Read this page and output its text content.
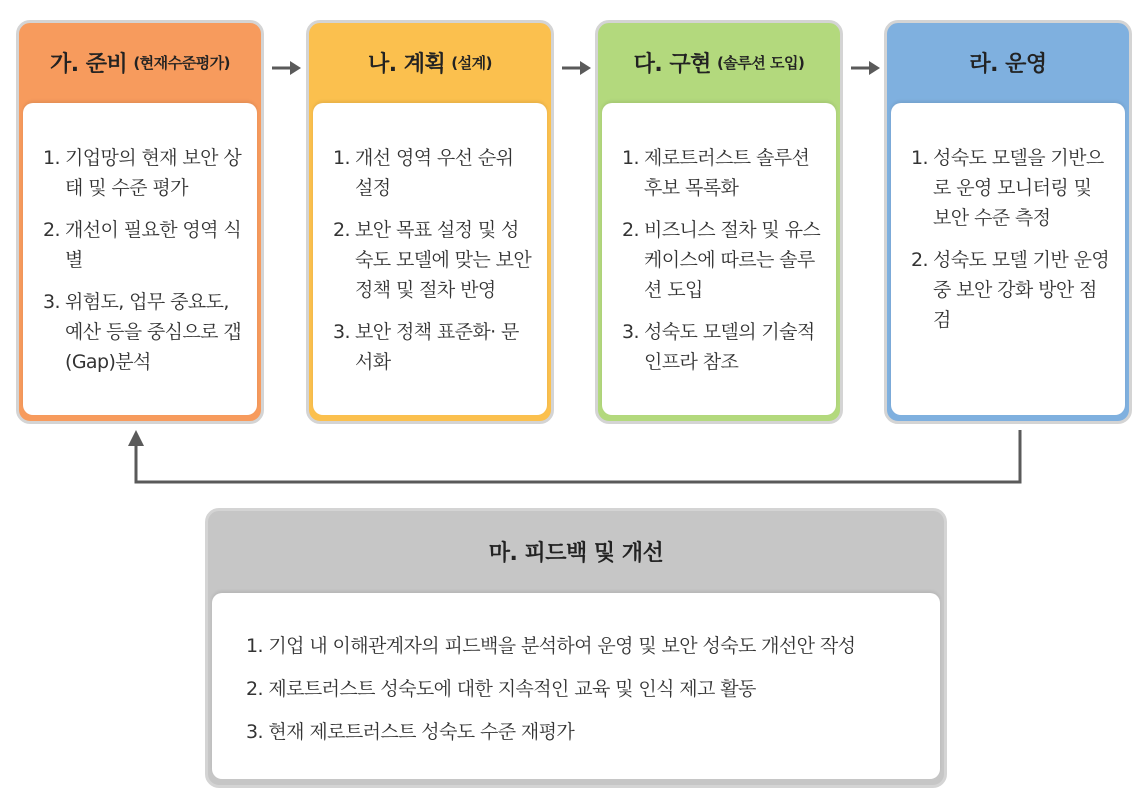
가. 준비 (현재수준평가)
1. 기업망의 현재 보안 상태 및 수준 평가
2. 개선이 필요한 영역 식별
3. 위험도, 업무 중요도, 예산 등을 중심으로 갭(Gap)분석
나. 계획 (설계)
1. 개선 영역 우선 순위 설정
2. 보안 목표 설정 및 성숙도 모델에 맞는 보안 정책 및 절차 반영
3. 보안 정책 표준화· 문서화
다. 구현 (솔루션 도입)
1. 제로트러스트 솔루션 후보 목록화
2. 비즈니스 절차 및 유스케이스에 따르는 솔루션 도입
3. 성숙도 모델의 기술적 인프라 참조
라. 운영
1. 성숙도 모델을 기반으로 운영 모니터링 및 보안 수준 측정
2. 성숙도 모델 기반 운영 중 보안 강화 방안 점검
마. 피드백 및 개선
1. 기업 내 이해관계자의 피드백을 분석하여 운영 및 보안 성숙도 개선안 작성
2. 제로트러스트 성숙도에 대한 지속적인 교육 및 인식 제고 활동
3. 현재 제로트러스트 성숙도 수준 재평가
